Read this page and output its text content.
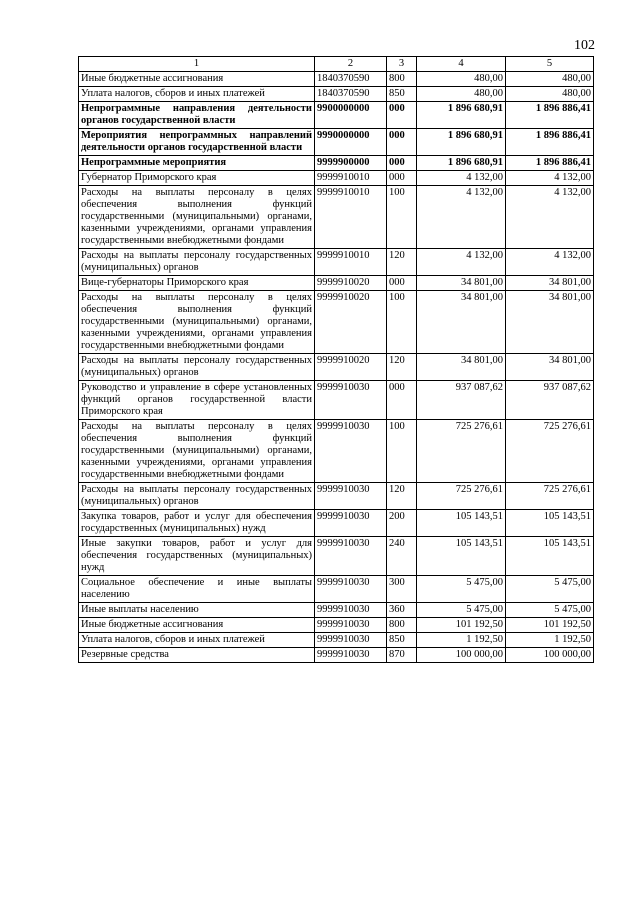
102
1	2	3	4	5
Иные бюджетные ассигнования	1840370590	800	480,00	480,00
Уплата налогов, сборов и иных платежей	1840370590	850	480,00	480,00
Непрограммные направления деятельности органов государственной власти	9900000000	000	1 896 680,91	1 896 886,41
Мероприятия непрограммных направлений деятельности органов государственной власти	9990000000	000	1 896 680,91	1 896 886,41
Непрограммные мероприятия	9999900000	000	1 896 680,91	1 896 886,41
Губернатор Приморского края	9999910010	000	4 132,00	4 132,00
Расходы на выплаты персоналу в целях обеспечения выполнения функций государственными (муниципальными) органами, казенными учреждениями, органами управления государственными внебюджетными фондами	9999910010	100	4 132,00	4 132,00
Расходы на выплаты персоналу государственных (муниципальных) органов	9999910010	120	4 132,00	4 132,00
Вице-губернаторы Приморского края	9999910020	000	34 801,00	34 801,00
Расходы на выплаты персоналу в целях обеспечения выполнения функций государственными (муниципальными) органами, казенными учреждениями, органами управления государственными внебюджетными фондами	9999910020	100	34 801,00	34 801,00
Расходы на выплаты персоналу государственных (муниципальных) органов	9999910020	120	34 801,00	34 801,00
Руководство и управление в сфере установленных функций органов государственной власти Приморского края	9999910030	000	937 087,62	937 087,62
Расходы на выплаты персоналу в целях обеспечения выполнения функций государственными (муниципальными) органами, казенными учреждениями, органами управления государственными внебюджетными фондами	9999910030	100	725 276,61	725 276,61
Расходы на выплаты персоналу государственных (муниципальных) органов	9999910030	120	725 276,61	725 276,61
Закупка товаров, работ и услуг для обеспечения государственных (муниципальных) нужд	9999910030	200	105 143,51	105 143,51
Иные закупки товаров, работ и услуг для обеспечения государственных (муниципальных) нужд	9999910030	240	105 143,51	105 143,51
Социальное обеспечение и иные выплаты населению	9999910030	300	5 475,00	5 475,00
Иные выплаты населению	9999910030	360	5 475,00	5 475,00
Иные бюджетные ассигнования	9999910030	800	101 192,50	101 192,50
Уплата налогов, сборов и иных платежей	9999910030	850	1 192,50	1 192,50
Резервные средства	9999910030	870	100 000,00	100 000,00
